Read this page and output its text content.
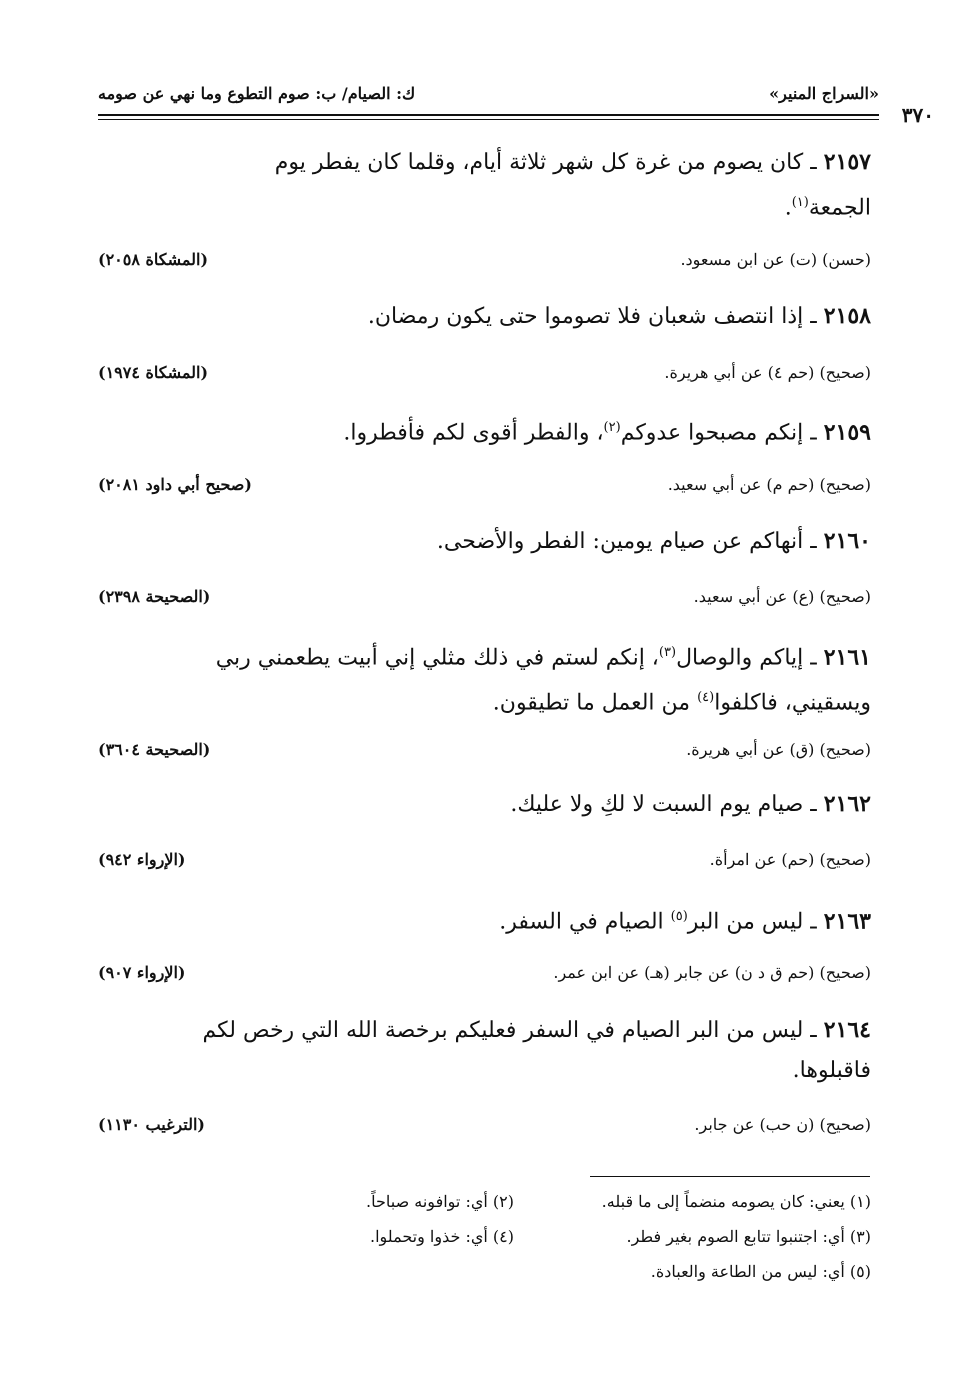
«السراج المنير»
ك: الصيام/ ب: صوم التطوع وما نهي عن صومه
٣٧٠
٢١٥٧ ـ كان يصوم من غرة كل شهر ثلاثة أيام، وقلما كان يفطر يوم
الجمعة$^{(١)}$.
(حسن) (ت) عن ابن مسعود.
(المشكاة ٢٠٥٨)
٢١٥٨ ـ إذا انتصف شعبان فلا تصوموا حتى يكون رمضان.
(صحيح) (حم ٤) عن أبي هريرة.
(المشكاة ١٩٧٤)
٢١٥٩ ـ إنكم مصبحوا عدوكم$^{(٢)}$، والفطر أقوى لكم فأفطروا.
(صحيح) (حم م) عن أبي سعيد.
(صحيح أبي داود ٢٠٨١)
٢١٦٠ ـ أنهاكم عن صيام يومين: الفطر والأضحى.
(صحيح) (ع) عن أبي سعيد.
(الصحيحة ٢٣٩٨)
٢١٦١ ـ إياكم والوصال$^{(٣)}$، إنكم لستم في ذلك مثلي إني أبيت يطعمني ربي
ويسقيني، فاكلفوا$^{(٤)}$ من العمل ما تطيقون.
(صحيح) (ق) عن أبي هريرة.
(الصحيحة ٣٦٠٤)
٢١٦٢ ـ صيام يوم السبت لا لكِ ولا عليك.
(صحيح) (حم) عن امرأة.
(الإرواء ٩٤٢)
٢١٦٣ ـ ليس من البر$^{(٥)}$ الصيام في السفر.
(صحيح) (حم ق د ن) عن جابر (هـ) عن ابن عمر.
(الإرواء ٩٠٧)
٢١٦٤ ـ ليس من البر الصيام في السفر فعليكم برخصة الله التي رخص لكم
فاقبلوها.
(صحيح) (ن حب) عن جابر.
(الترغيب ١١٣٠)
(١) يعني: كان يصومه منضماً إلى ما قبله.
(٢) أي: توافونه صباحاً.
(٣) أي: اجتنبوا تتابع الصوم بغير فطر.
(٤) أي: خذوا وتحملوا.
(٥) أي: ليس من الطاعة والعبادة.
